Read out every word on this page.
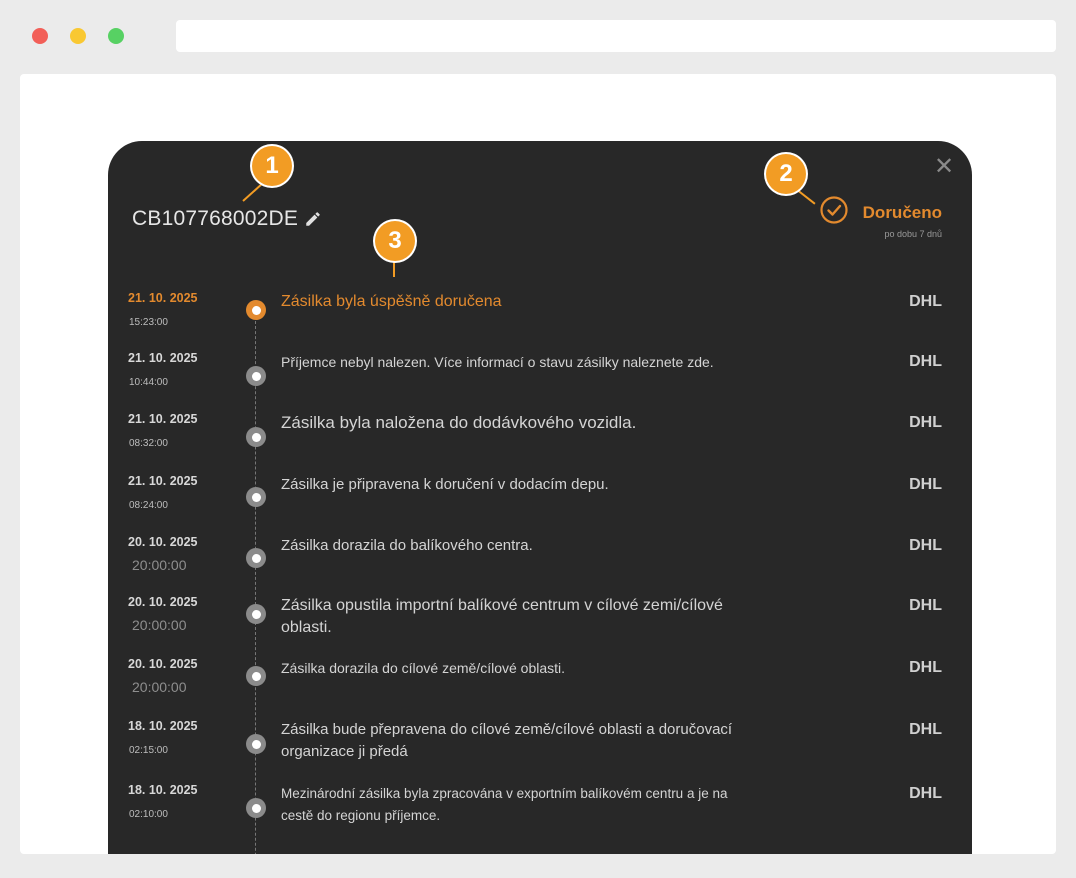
✕
CB107768002DE	Doručeno
po dobu 7 dnů
21. 10. 2025
15:23:00
Zásilka byla úspěšně doručena	DHL
21. 10. 2025
10:44:00
Příjemce nebyl nalezen. Více informací o stavu zásilky naleznete zde.	DHL
21. 10. 2025
08:32:00
Zásilka byla naložena do dodávkového vozidla.	DHL
21. 10. 2025
08:24:00
Zásilka je připravena k doručení v dodacím depu.	DHL
20. 10. 2025
20:00:00
Zásilka dorazila do balíkového centra.	DHL
20. 10. 2025
20:00:00
Zásilka opustila importní balíkové centrum v cílové zemi/cílové oblasti.
DHL
20. 10. 2025
20:00:00
Zásilka dorazila do cílové země/cílové oblasti.	DHL
18. 10. 2025
02:15:00
Zásilka bude přepravena do cílové země/cílové oblasti a doručovací organizace ji předá
DHL
18. 10. 2025
02:10:00
Mezinárodní zásilka byla zpracována v exportním balíkovém centru a je na cestě do regionu příjemce.
DHL
1	2
3
